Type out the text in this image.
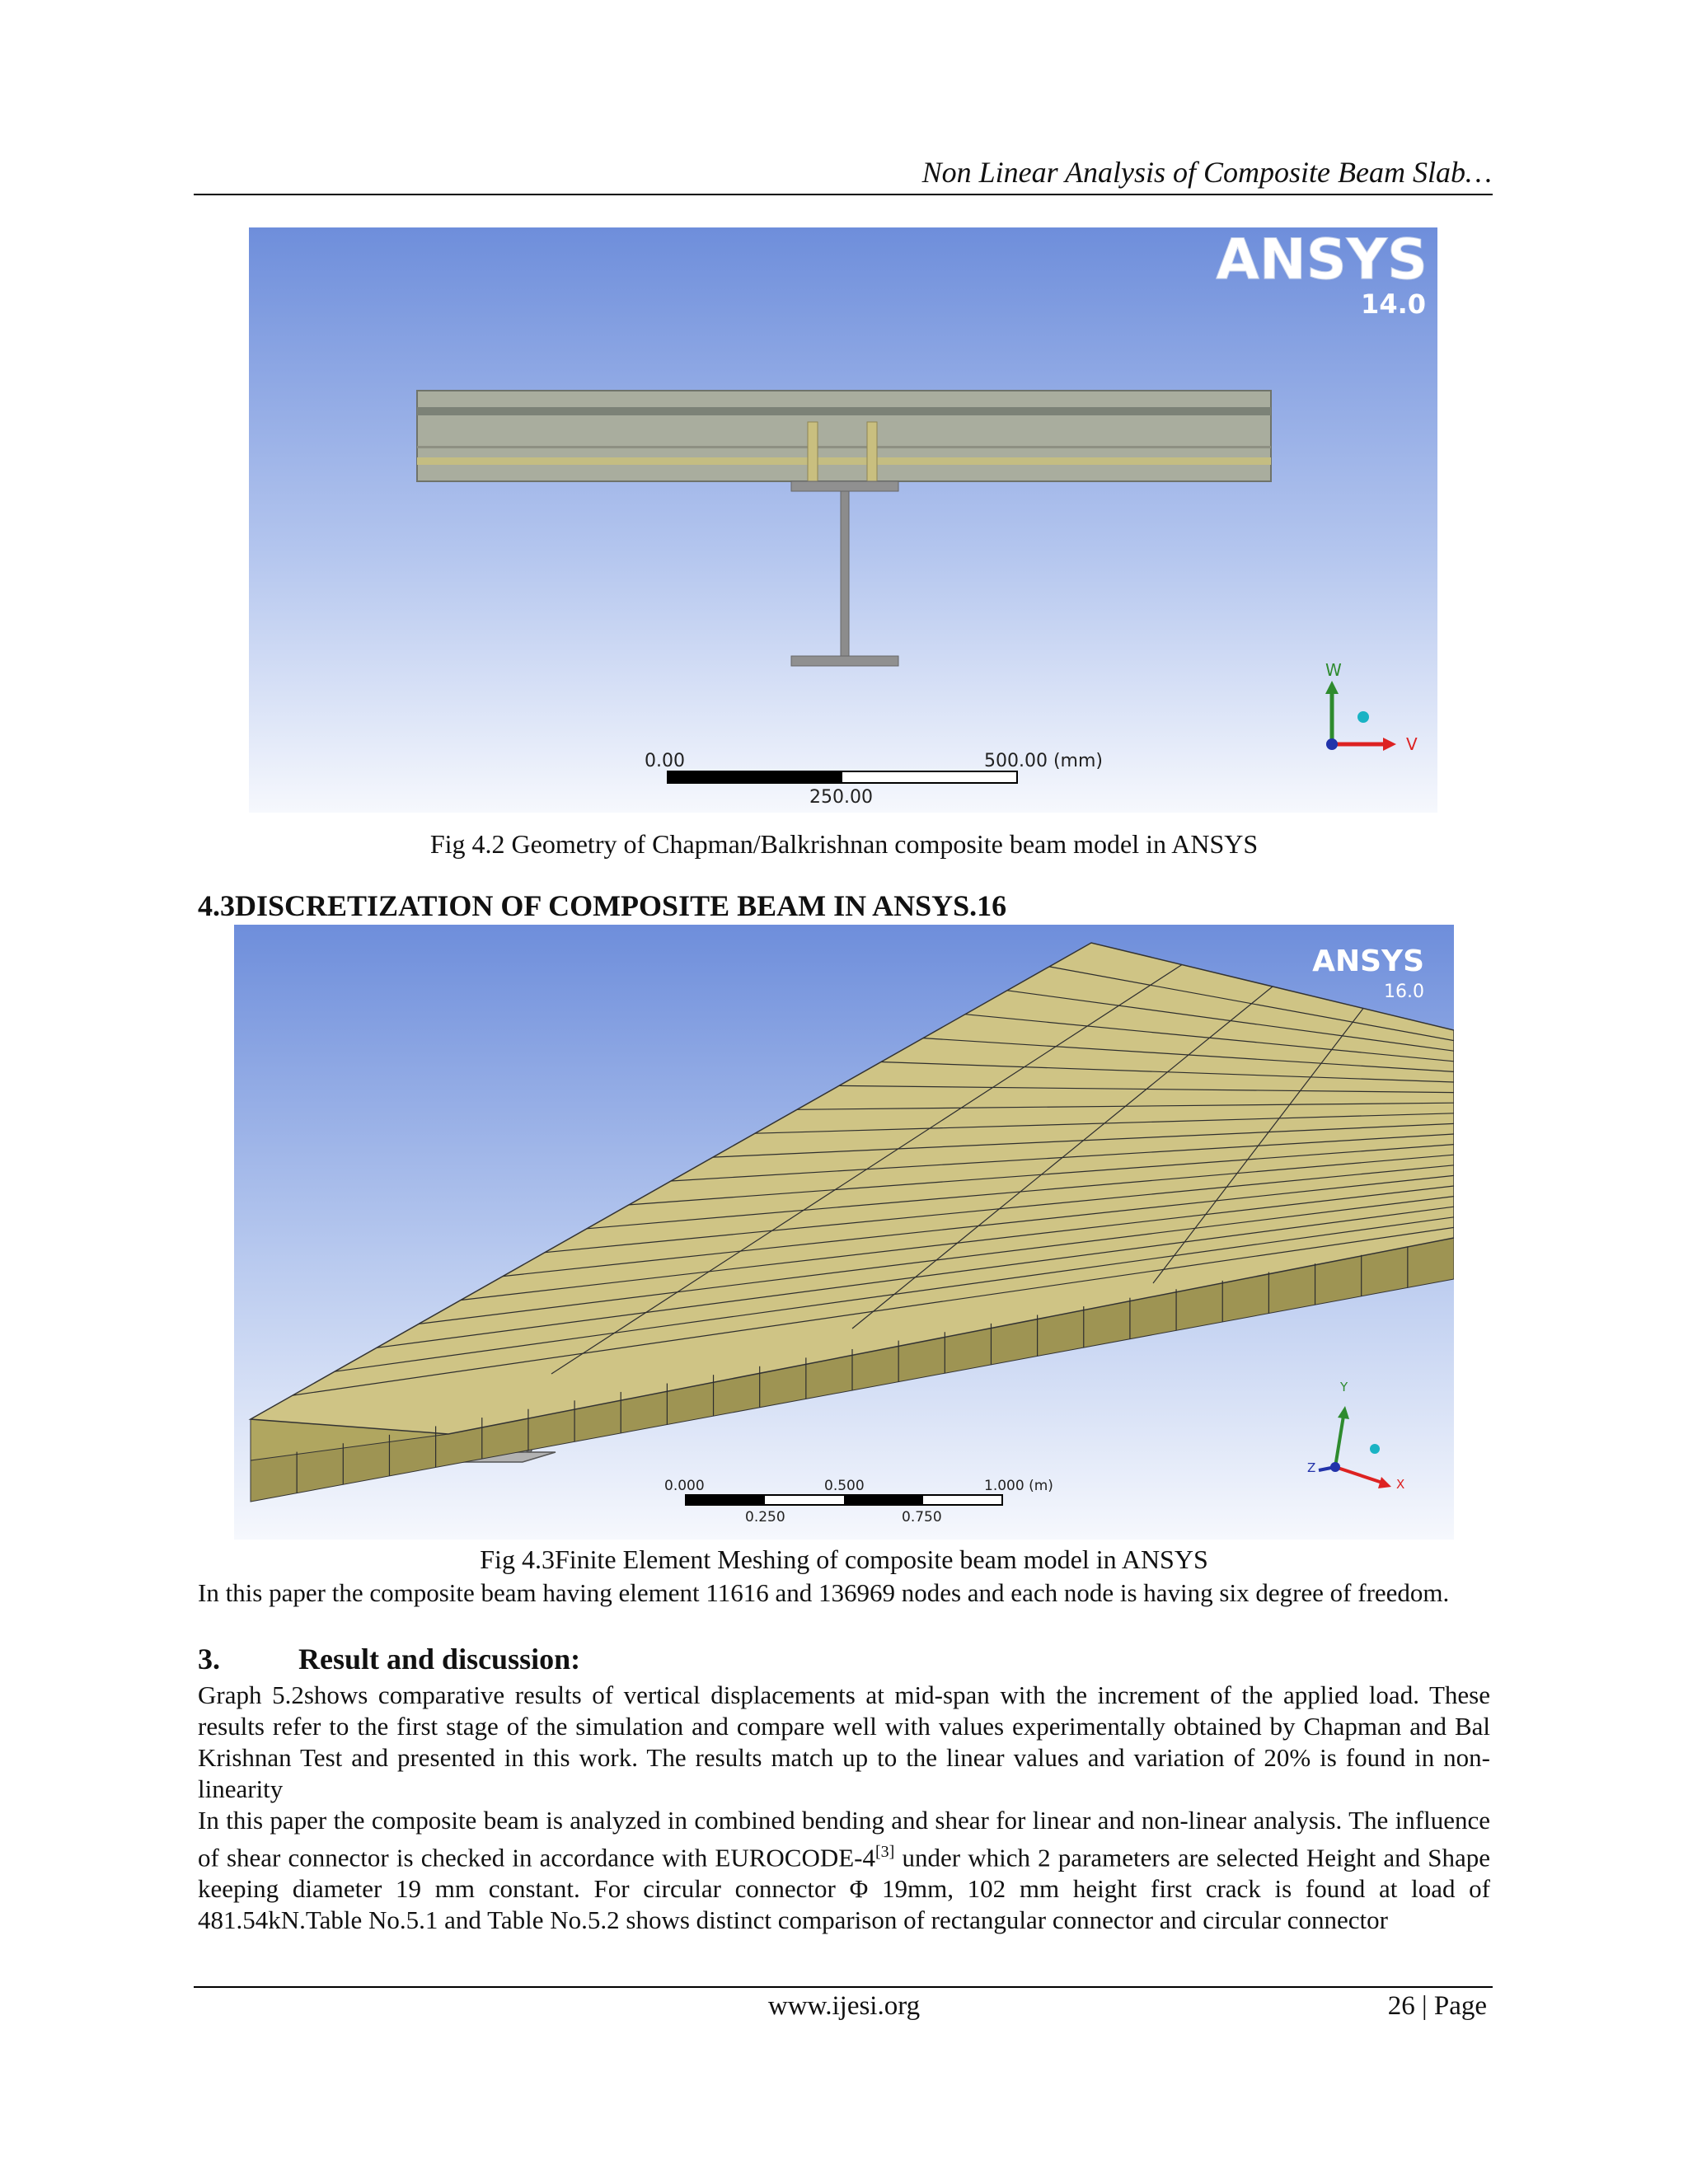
Non Linear Analysis of Composite Beam Slab…
ANSYS
14.0
0.00	500.00 (mm)
250.00
W
V
Fig 4.2 Geometry of Chapman/Balkrishnan composite beam model in ANSYS
4.3DISCRETIZATION OF COMPOSITE BEAM IN ANSYS.16
ANSYS
16.0
0.000	0.500	1.000 (m)
0.250	0.750
Y
X
Z
Fig 4.3Finite Element Meshing of composite beam model in ANSYS
In this paper the composite beam having element 11616 and 136969 nodes and each node is having six degree of freedom.
3.	Result and discussion:
Graph 5.2shows comparative results of vertical displacements at mid-span with the increment of the applied load. These results refer to the first stage of the simulation and compare well with values experimentally obtained by Chapman and Bal Krishnan Test and presented in this work. The results match up to the linear values and variation of 20% is found in non-linearity
In this paper the composite beam is analyzed in combined bending and shear for linear and non-linear analysis. The influence of shear connector is checked in accordance with EUROCODE-4[3] under which 2 parameters are selected Height and Shape keeping diameter 19 mm constant. For circular connector Φ 19mm, 102 mm height first crack is found at load of 481.54kN.Table No.5.1 and Table No.5.2 shows distinct comparison of rectangular connector and circular connector
www.ijesi.org	26 | Page
